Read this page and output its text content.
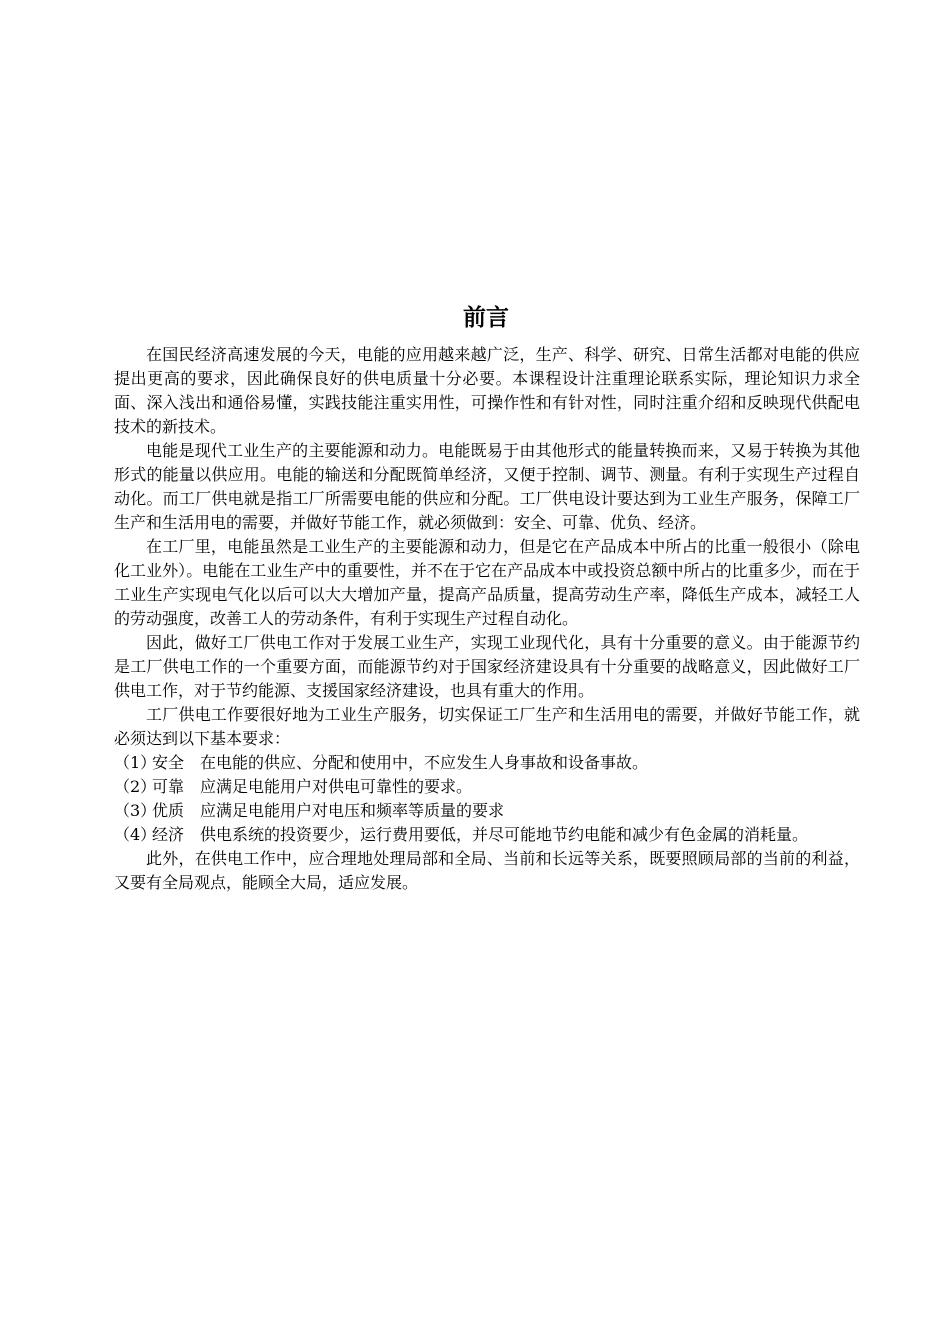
前言

在国民经济高速发展的今天，电能的应用越来越广泛，生产、科学、研究、日常生活都对电能的供应提出更高的要求，因此确保良好的供电质量十分必要。本课程设计注重理论联系实际，理论知识力求全面、深入浅出和通俗易懂，实践技能注重实用性，可操作性和有针对性，同时注重介绍和反映现代供配电技术的新技术。

电能是现代工业生产的主要能源和动力。电能既易于由其他形式的能量转换而来，又易于转换为其他形式的能量以供应用。电能的输送和分配既简单经济，又便于控制、调节、测量。有利于实现生产过程自动化。而工厂供电就是指工厂所需要电能的供应和分配。工厂供电设计要达到为工业生产服务，保障工厂生产和生活用电的需要，并做好节能工作，就必须做到：安全、可靠、优负、经济。

在工厂里，电能虽然是工业生产的主要能源和动力，但是它在产品成本中所占的比重一般很小（除电化工业外）。电能在工业生产中的重要性，并不在于它在产品成本中或投资总额中所占的比重多少，而在于工业生产实现电气化以后可以大大增加产量，提高产品质量，提高劳动生产率，降低生产成本，减轻工人的劳动强度，改善工人的劳动条件，有利于实现生产过程自动化。

因此，做好工厂供电工作对于发展工业生产，实现工业现代化，具有十分重要的意义。由于能源节约是工厂供电工作的一个重要方面，而能源节约对于国家经济建设具有十分重要的战略意义，因此做好工厂供电工作，对于节约能源、支援国家经济建设，也具有重大的作用。

工厂供电工作要很好地为工业生产服务，切实保证工厂生产和生活用电的需要，并做好节能工作，就必须达到以下基本要求：

（1）安全 在电能的供应、分配和使用中，不应发生人身事故和设备事故。

（2）可靠 应满足电能用户对供电可靠性的要求。

（3）优质 应满足电能用户对电压和频率等质量的要求

（4）经济 供电系统的投资要少，运行费用要低，并尽可能地节约电能和减少有色金属的消耗量。

此外，在供电工作中，应合理地处理局部和全局、当前和长远等关系，既要照顾局部的当前的利益，又要有全局观点，能顾全大局，适应发展。
